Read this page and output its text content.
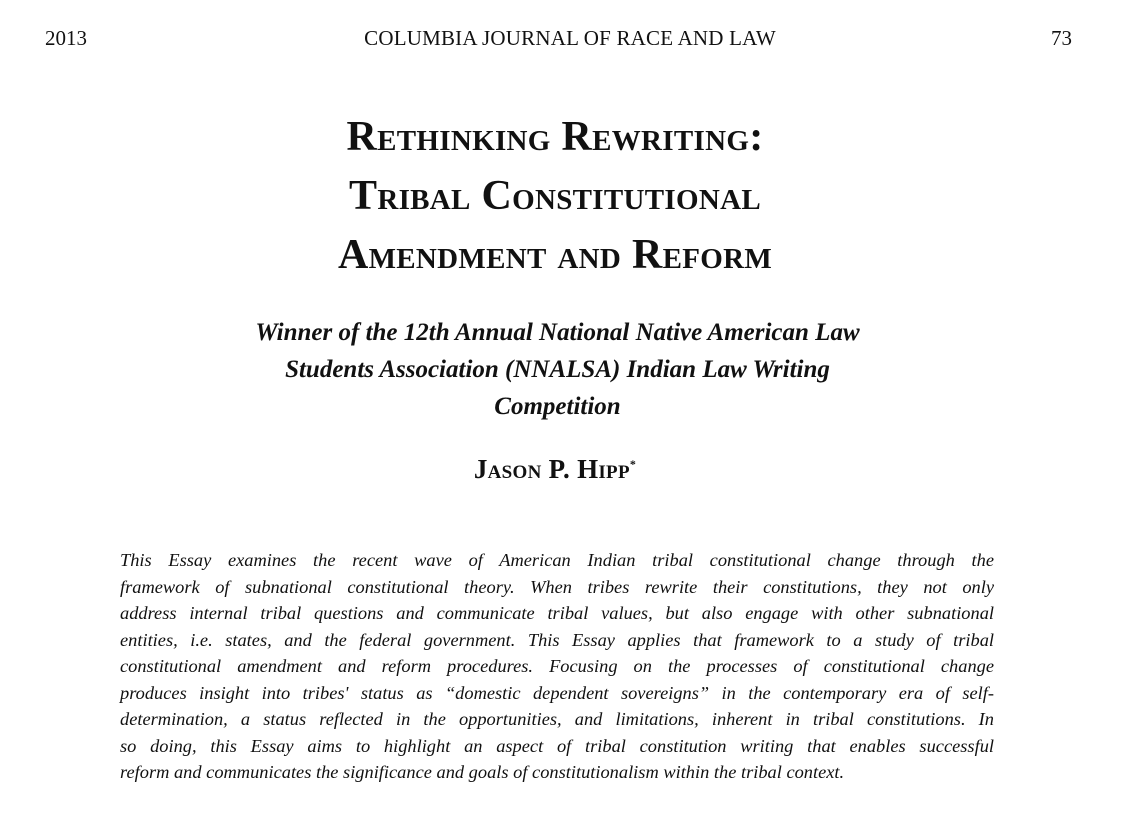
2013	COLUMBIA JOURNAL OF RACE AND LAW	73
Rethinking Rewriting:
Tribal Constitutional
Amendment and Reform
Winner of the 12th Annual National Native American Law
Students Association (NNALSA) Indian Law Writing
Competition
Jason P. Hipp*
This Essay examines the recent wave of American Indian tribal constitutional change through the
framework of subnational constitutional theory. When tribes rewrite their constitutions, they not only
address internal tribal questions and communicate tribal values, but also engage with other subnational
entities, i.e. states, and the federal government. This Essay applies that framework to a study of tribal
constitutional amendment and reform procedures. Focusing on the processes of constitutional change
produces insight into tribes' status as “domestic dependent sovereigns” in the contemporary era of self-
determination, a status reflected in the opportunities, and limitations, inherent in tribal constitutions. In
so doing, this Essay aims to highlight an aspect of tribal constitution writing that enables successful
reform and communicates the significance and goals of constitutionalism within the tribal context.
